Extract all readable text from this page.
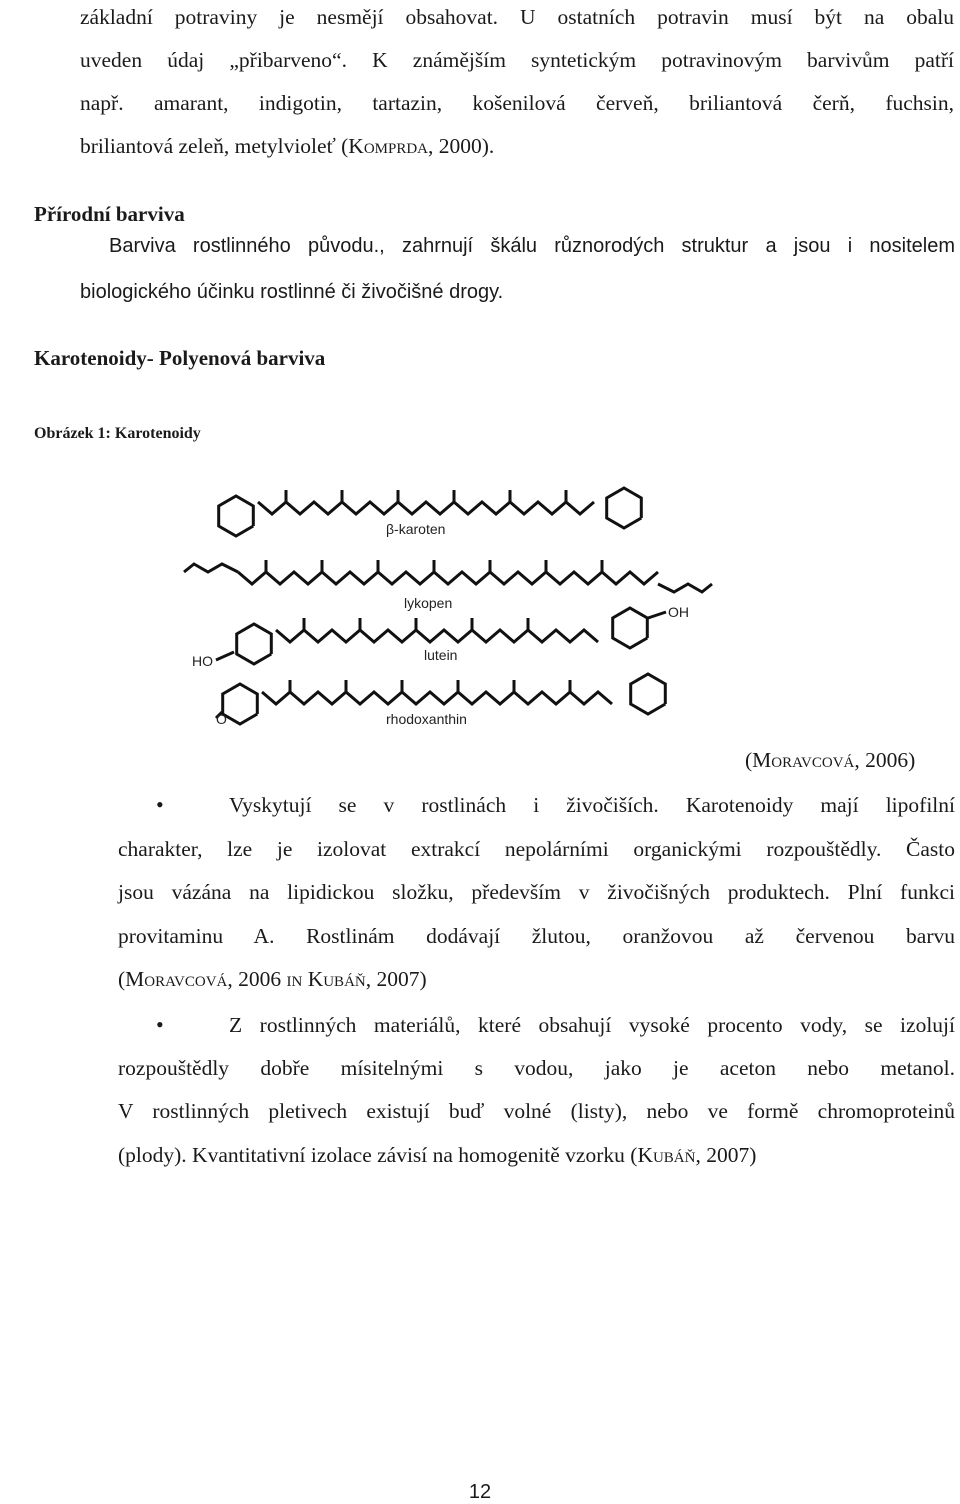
základní potraviny je nesmějí obsahovat. U ostatních potravin musí být na obalu
uveden údaj „přibarveno“. K známějším syntetickým potravinovým barvivům patří
např. amarant, indigotin, tartazin, košenilová červeň, briliantová čerň, fuchsin,
briliantová zeleň, metylvioleť (Komprda, 2000).
Přírodní barviva
Barviva rostlinného původu., zahrnují škálu různorodých struktur a jsou i nositelem
biologického účinku rostlinné či živočišné drogy.
Karotenoidy- Polyenová barviva
Obrázek 1: Karotenoidy
β-karoten
lykopen
lutein
rhodoxanthin
OH
HO
O
(Moravcová, 2006)
•	Vyskytují se v rostlinách i živočiších. Karotenoidy mají lipofilní
charakter, lze je izolovat extrakcí nepolárními organickými rozpouštědly. Často
jsou vázána na lipidickou složku, především v živočišných produktech. Plní funkci
provitaminu A. Rostlinám dodávají žlutou, oranžovou až červenou barvu
(Moravcová, 2006 in Kubáň, 2007)
•	Z rostlinných materiálů, které obsahují vysoké procento vody, se izolují
rozpouštědly dobře mísitelnými s vodou, jako je aceton nebo metanol.
V rostlinných pletivech existují buď volné (listy), nebo ve formě chromoproteinů
(plody). Kvantitativní izolace závisí na homogenitě vzorku (Kubáň, 2007)
12
